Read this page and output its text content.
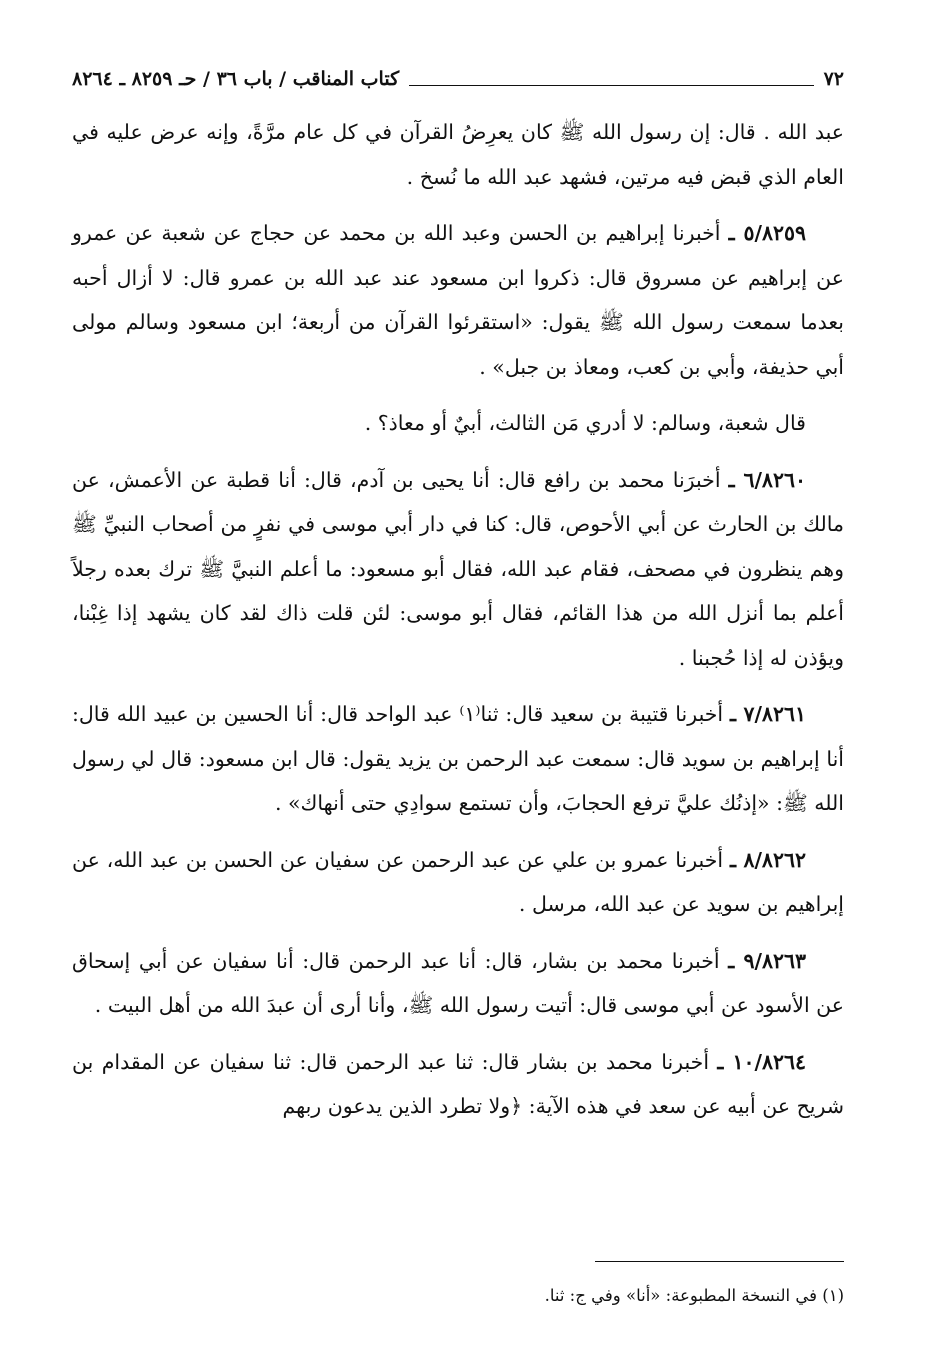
٧٢
كتاب المناقب / باب ٣٦ / حـ ٨٢٥٩ ـ ٨٢٦٤

عبد الله . قال: إن رسول الله ﷺ كان يعرِضُ القرآن في كل عام مرَّةً، وإنه عرض عليه في العام الذي قبض فيه مرتين، فشهد عبد الله ما نُسخ .

٥/٨٢٥٩ ـ أخبرنا إبراهيم بن الحسن وعبد الله بن محمد عن حجاج عن شعبة عن عمرو عن إبراهيم عن مسروق قال: ذكروا ابن مسعود عند عبد الله بن عمرو قال: لا أزال أحبه بعدما سمعت رسول الله ﷺ يقول: «استقرئوا القرآن من أربعة؛ ابن مسعود وسالم مولى أبي حذيفة، وأبي بن كعب، ومعاذ بن جبل» .

قال شعبة، وسالم: لا أدري مَن الثالث، أبيٌ أو معاذ؟ .

٦/٨٢٦٠ ـ أخبرَنا محمد بن رافع قال: أنا يحيى بن آدم، قال: أنا قطبة عن الأعمش، عن مالك بن الحارث عن أبي الأحوص، قال: كنا في دار أبي موسى في نفرٍ من أصحاب النبيِّ ﷺ وهم ينظرون في مصحف، فقام عبد الله، فقال أبو مسعود: ما أعلم النبيَّ ﷺ ترك بعده رجلاً أعلم بما أنزل الله من هذا القائم، فقال أبو موسى: لئن قلت ذاك لقد كان يشهد إذا غِبْنا، ويؤذن له إذا حُجبنا .

٧/٨٢٦١ ـ أخبرنا قتيبة بن سعيد قال: ثنا⁽١⁾ عبد الواحد قال: أنا الحسين بن عبيد الله قال: أنا إبراهيم بن سويد قال: سمعت عبد الرحمن بن يزيد يقول: قال ابن مسعود: قال لي رسول الله ﷺ: «إذنُك عليَّ ترفع الحجابَ، وأن تستمع سوادِي حتى أنهاك» .

٨/٨٢٦٢ ـ أخبرنا عمرو بن علي عن عبد الرحمن عن سفيان عن الحسن بن عبد الله، عن إبراهيم بن سويد عن عبد الله، مرسل .

٩/٨٢٦٣ ـ أخبرنا محمد بن بشار، قال: أنا عبد الرحمن قال: أنا سفيان عن أبي إسحاق عن الأسود عن أبي موسى قال: أتيت رسول الله ﷺ، وأنا أرى أن عبدَ الله من أهل البيت .

١٠/٨٢٦٤ ـ أخبرنا محمد بن بشار قال: ثنا عبد الرحمن قال: ثنا سفيان عن المقدام بن شريح عن أبيه عن سعد في هذه الآية: ﴿ولا تطرد الذين يدعون ربهم

(١) في النسخة المطبوعة: «أنا» وفي ج: ثنا.
